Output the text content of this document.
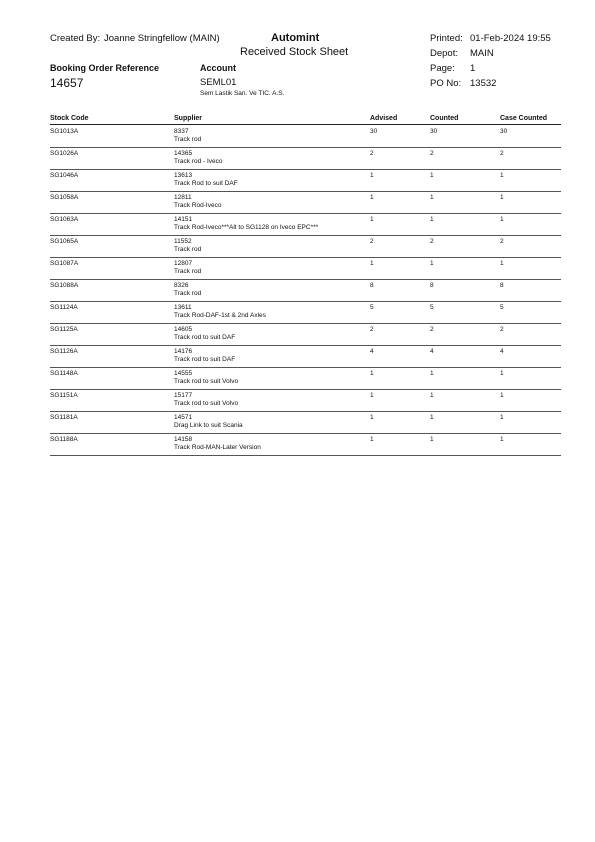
Created By: Joanne Stringfellow (MAIN)	Automint
Received Stock Sheet
Printed: 01-Feb-2024 19:55
Depot: MAIN
Page: 1
Booking Order Reference
14657
Account
SEML01
Sem Lastik San. Ve TIC. A.S.
PO No: 13532
Stock Code	Supplier	Advised	Counted	Case Counted
SG1013A	8337	30	30	30
Track rod
SG1026A	14365	2	2	2
Track rod - Iveco
SG1046A	13613	1	1	1
Track Rod to suit DAF
SG1058A	12811	1	1	1
Track Rod-Iveco
SG1063A	14151	1	1	1
Track Rod-Iveco***Alt to SG1128 on Iveco EPC***
SG1065A	11552	2	2	2
Track rod
SG1087A	12807	1	1	1
Track rod
SG1088A	8326	8	8	8
Track rod
SG1124A	13611	5	5	5
Track Rod-DAF-1st & 2nd Axles
SG1125A	14605	2	2	2
Track rod to suit DAF
SG1126A	14176	4	4	4
Track rod to suit DAF
SG1148A	14555	1	1	1
Track rod to suit Volvo
SG1151A	15177	1	1	1
Track rod to suit Volvo
SG1181A	14571	1	1	1
Drag Link to suit Scania
SG1188A	14158	1	1	1
Track Rod-MAN-Later Version
